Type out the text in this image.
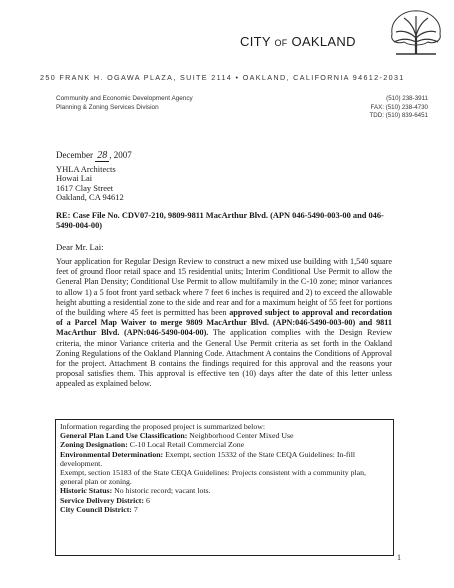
CITY OF OAKLAND
250 FRANK H. OGAWA PLAZA, SUITE 2114 • OAKLAND, CALIFORNIA 94612-2031
Community and Economic Development Agency
Planning & Zoning Services Division
(510) 238-3911
FAX: (510) 238-4730
TDD: (510) 839-6451
December 28 , 2007
YHLA Architects
Howai Lai
1617 Clay Street
Oakland, CA 94612
RE: Case File No. CDV07-210, 9809-9811 MacArthur Blvd. (APN 046-5490-003-00 and 046-5490-004-00)
Dear Mr. Lai:
Your application for Regular Design Review to construct a new mixed use building with 1,540 square feet of ground floor retail space and 15 residential units; Interim Conditional Use Permit to allow the General Plan Density; Conditional Use Permit to allow multifamily in the C-10 zone; minor variances to allow 1) a 5 foot front yard setback where 7 feet 6 inches is required and 2) to exceed the allowable height abutting a residential zone to the side and rear and for a maximum height of 55 feet for portions of the building where 45 feet is permitted has been approved subject to approval and recordation of a Parcel Map Waiver to merge 9809 MacArthur Blvd. (APN:046-5490-003-00) and 9811 MacArthur Blvd. (APN:046-5490-004-00). The application complies with the Design Review criteria, the minor Variance criteria and the General Use Permit criteria as set forth in the Oakland Zoning Regulations of the Oakland Planning Code. Attachment A contains the Conditions of Approval for the project. Attachment B contains the findings required for this approval and the reasons your proposal satisfies them. This approval is effective ten (10) days after the date of this letter unless appealed as explained below.

Information regarding the proposed project is summarized below:

General Plan Land Use Classification: Neighborhood Center Mixed Use

Zoning Designation: C-10 Local Retail Commercial Zone

Environmental Determination: Exempt, section 15332 of the State CEQA Guidelines: In-fill development.

Exempt, section 15183 of the State CEQA Guidelines: Projects consistent with a community plan, general plan or zoning.

Historic Status: No historic record; vacant lots.

Service Delivery District: 6

City Council District: 7

1
